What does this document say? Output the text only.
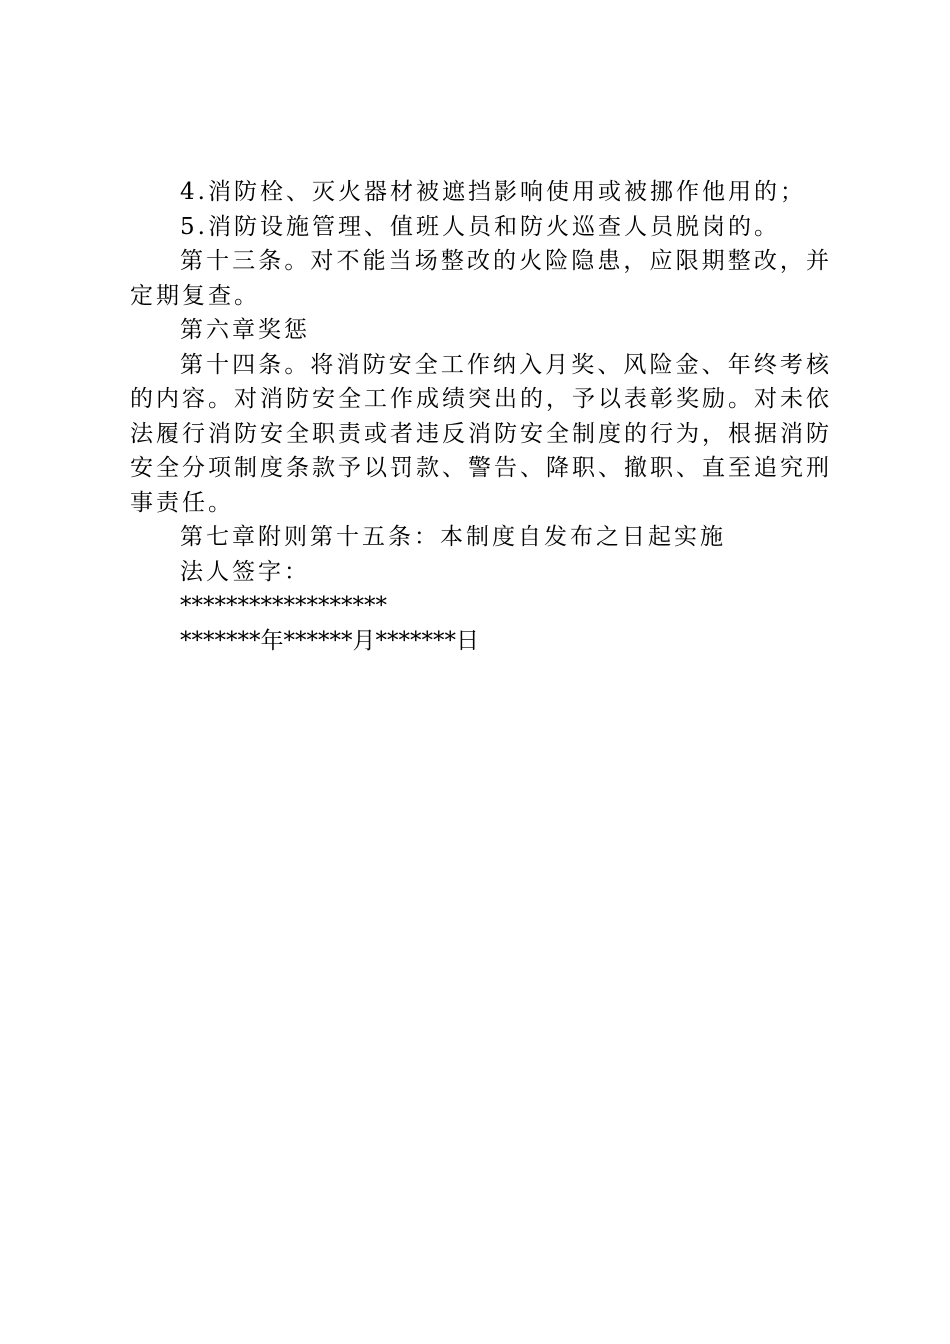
4.消防栓、灭火器材被遮挡影响使用或被挪作他用的；

5.消防设施管理、值班人员和防火巡查人员脱岗的。

第十三条。对不能当场整改的火险隐患，应限期整改，并定期复查。

第六章奖惩

第十四条。将消防安全工作纳入月奖、风险金、年终考核的内容。对消防安全工作成绩突出的，予以表彰奖励。对未依法履行消防安全职责或者违反消防安全制度的行为，根据消防安全分项制度条款予以罚款、警告、降职、撤职、直至追究刑事责任。

第七章附则第十五条：本制度自发布之日起实施

法人签字：

******************

*******年******月*******日
